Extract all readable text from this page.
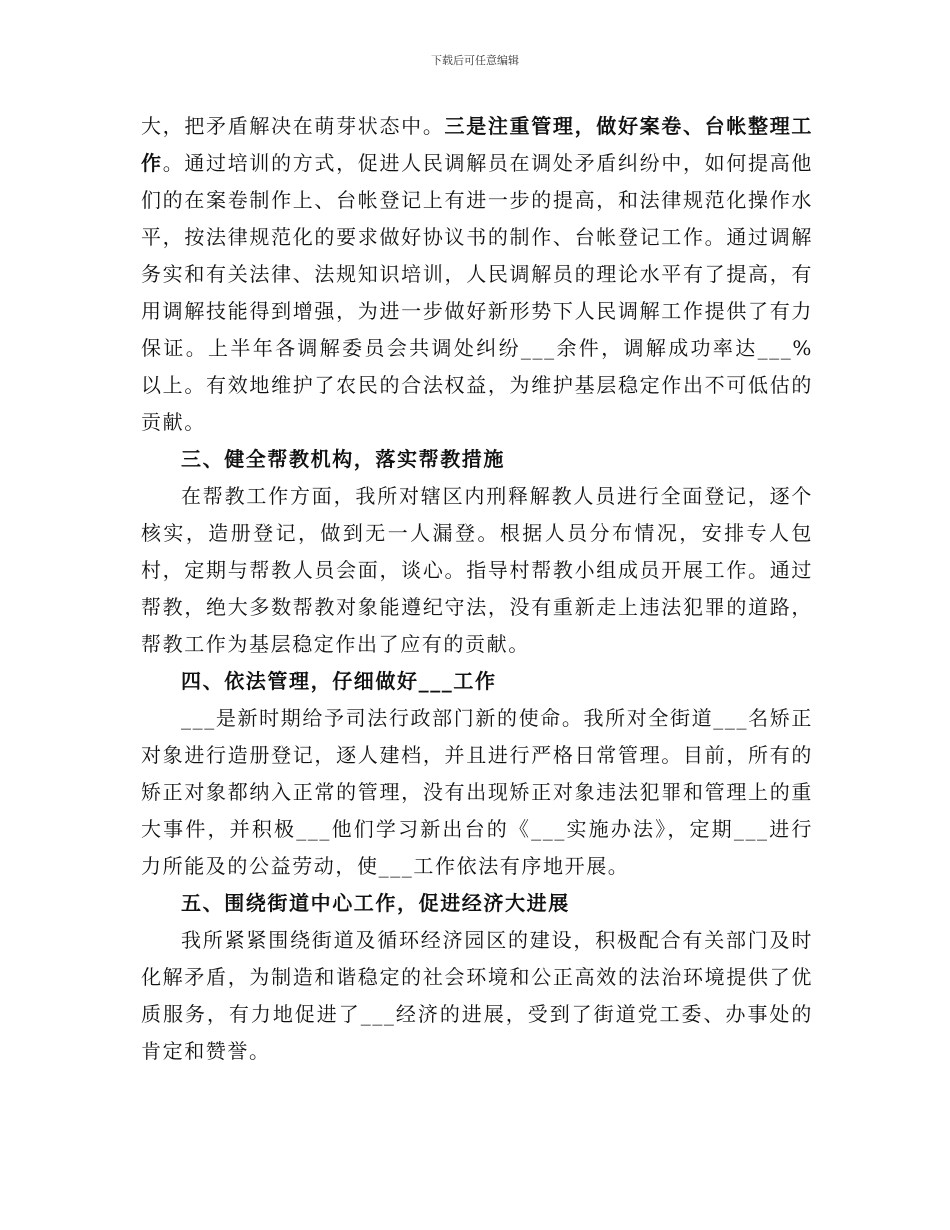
下载后可任意编辑

大，把矛盾解决在萌芽状态中。三是注重管理，做好案卷、台帐整理工作。通过培训的方式，促进人民调解员在调处矛盾纠纷中，如何提高他们的在案卷制作上、台帐登记上有进一步的提高，和法律规范化操作水平，按法律规范化的要求做好协议书的制作、台帐登记工作。通过调解务实和有关法律、法规知识培训，人民调解员的理论水平有了提高，有用调解技能得到增强，为进一步做好新形势下人民调解工作提供了有力保证。上半年各调解委员会共调处纠纷___余件，调解成功率达___%以上。有效地维护了农民的合法权益，为维护基层稳定作出不可低估的贡献。

三、健全帮教机构，落实帮教措施

在帮教工作方面，我所对辖区内刑释解教人员进行全面登记，逐个核实，造册登记，做到无一人漏登。根据人员分布情况，安排专人包村，定期与帮教人员会面，谈心。指导村帮教小组成员开展工作。通过帮教，绝大多数帮教对象能遵纪守法，没有重新走上违法犯罪的道路，帮教工作为基层稳定作出了应有的贡献。

四、依法管理，仔细做好___工作

___是新时期给予司法行政部门新的使命。我所对全街道___名矫正对象进行造册登记，逐人建档，并且进行严格日常管理。目前，所有的矫正对象都纳入正常的管理，没有出现矫正对象违法犯罪和管理上的重大事件，并积极___他们学习新出台的《___实施办法》，定期___进行力所能及的公益劳动，使___工作依法有序地开展。

五、围绕街道中心工作，促进经济大进展

我所紧紧围绕街道及循环经济园区的建设，积极配合有关部门及时化解矛盾，为制造和谐稳定的社会环境和公正高效的法治环境提供了优质服务，有力地促进了___经济的进展，受到了街道党工委、办事处的肯定和赞誉。
